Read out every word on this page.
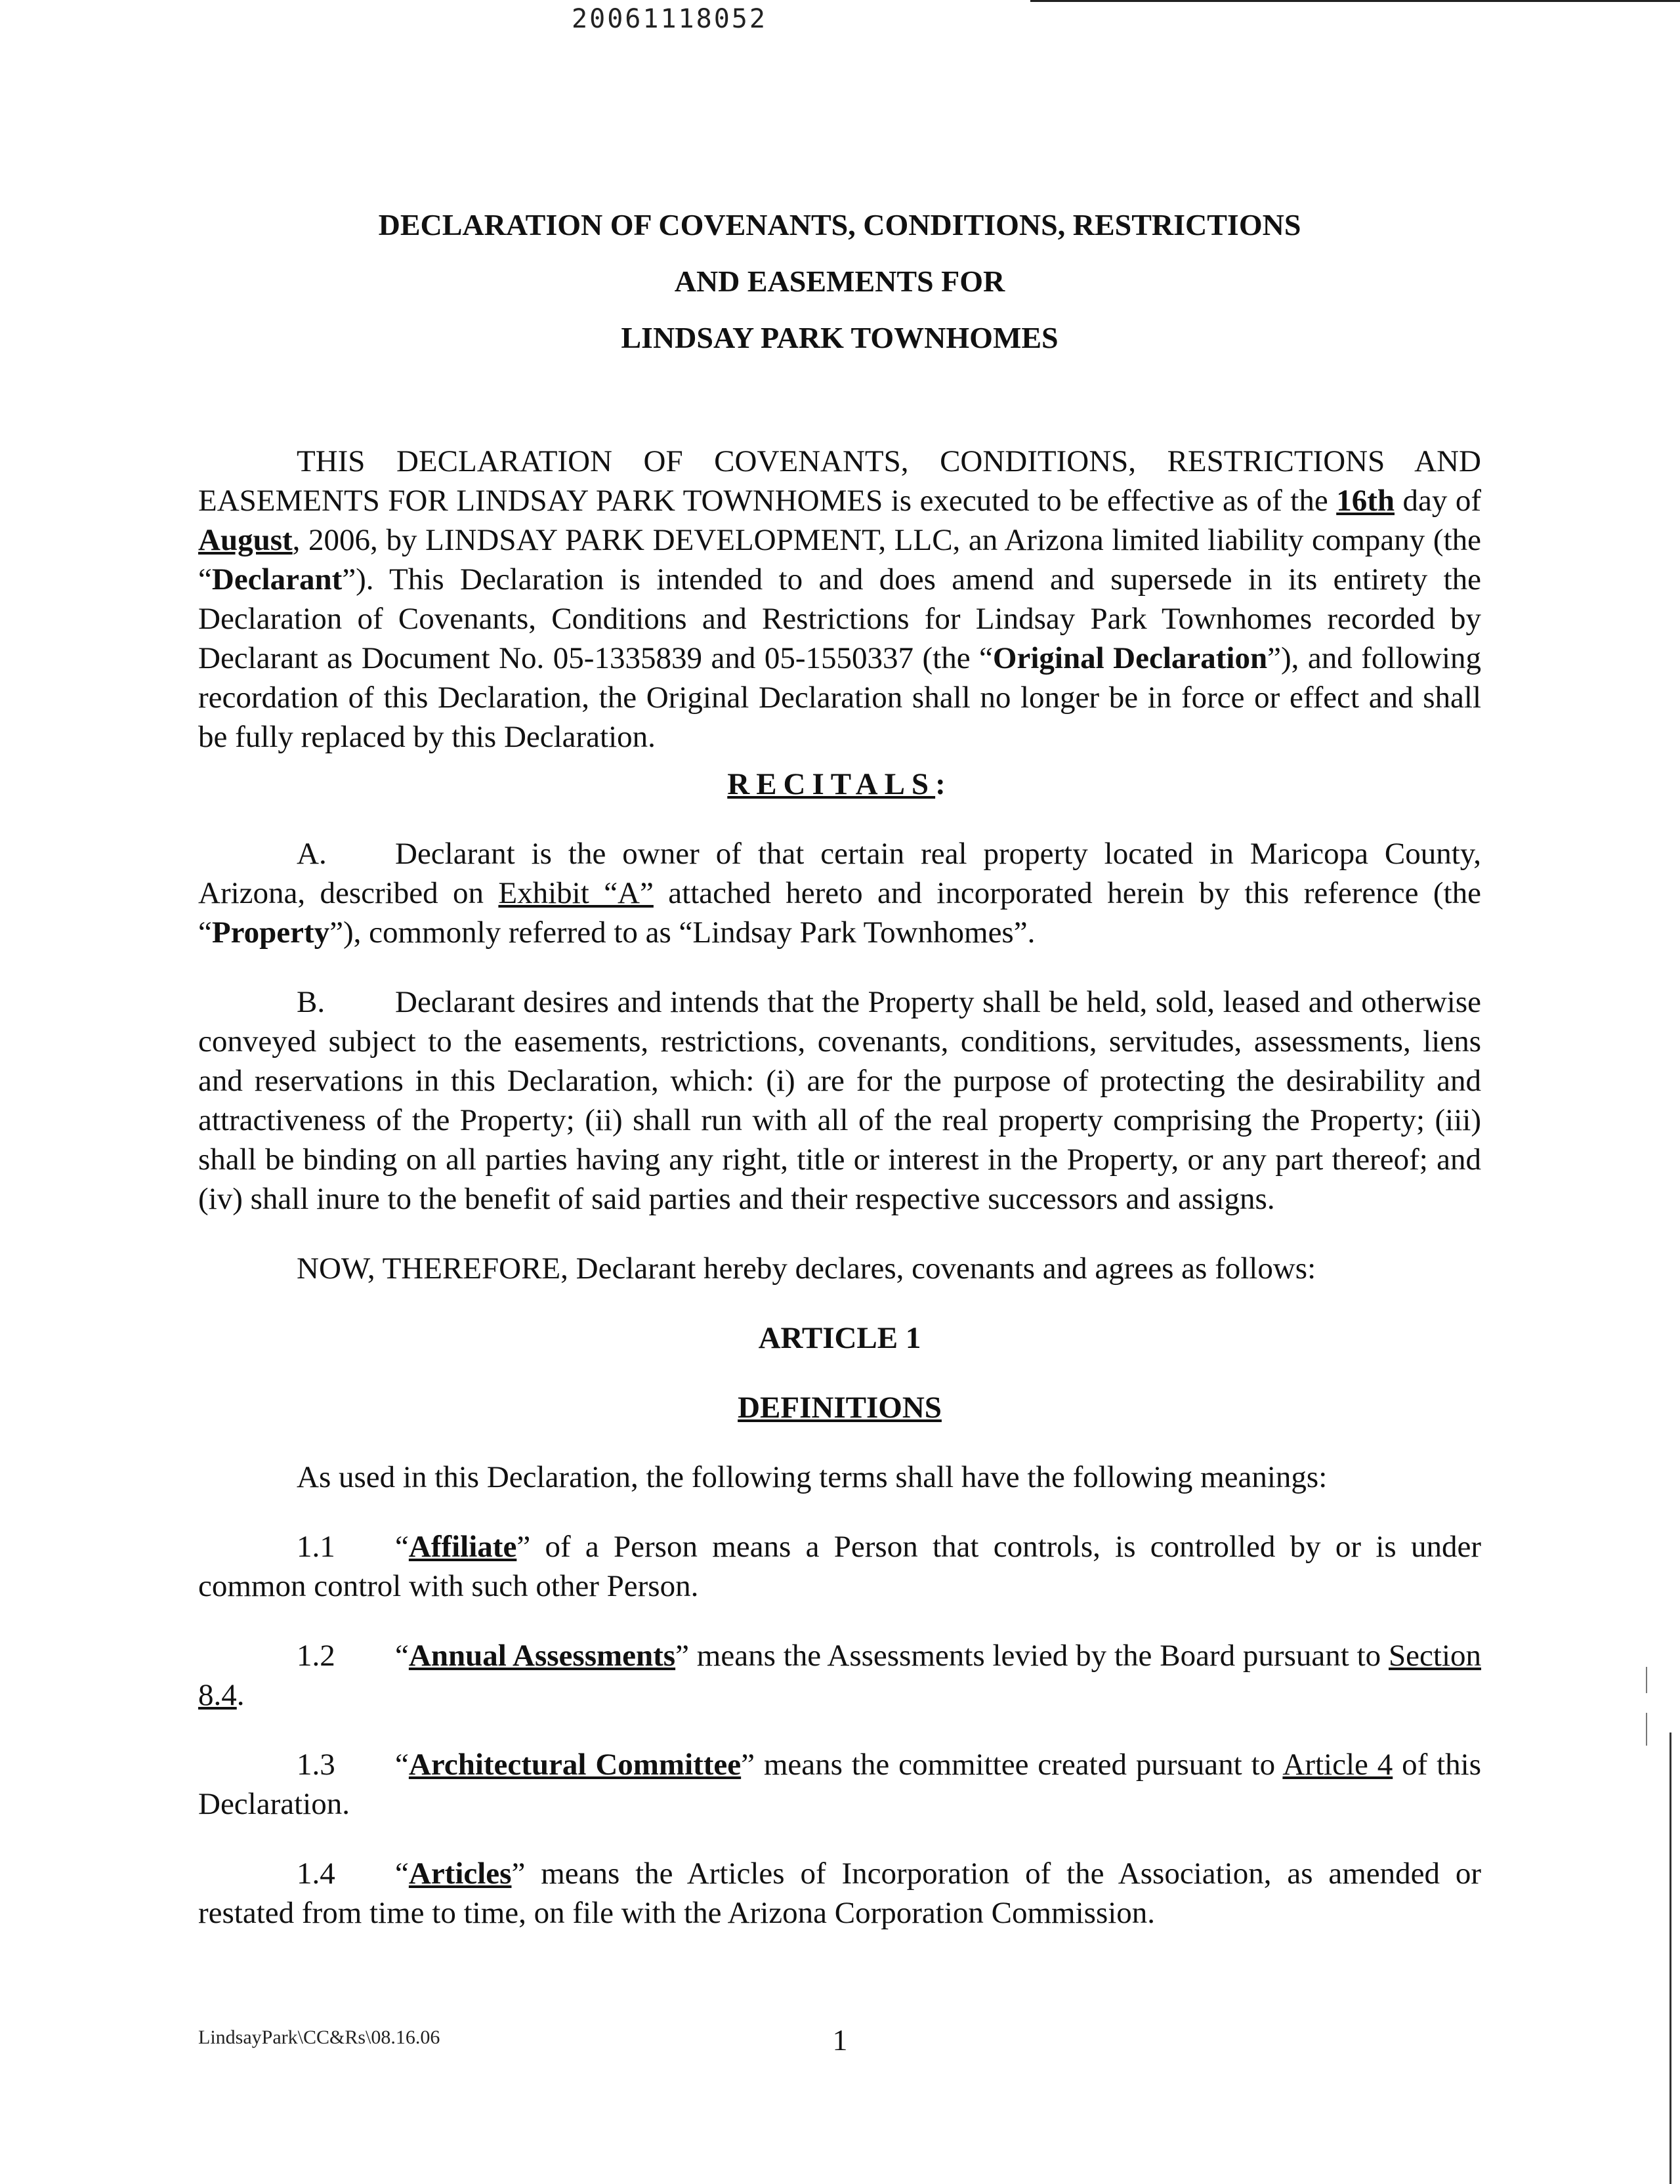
20061118052

DECLARATION OF COVENANTS, CONDITIONS, RESTRICTIONS

AND EASEMENTS FOR

LINDSAY PARK TOWNHOMES

THIS DECLARATION OF COVENANTS, CONDITIONS, RESTRICTIONS AND EASEMENTS FOR LINDSAY PARK TOWNHOMES is executed to be effective as of the 16th day of August, 2006, by LINDSAY PARK DEVELOPMENT, LLC, an Arizona limited liability company (the “Declarant”). This Declaration is intended to and does amend and supersede in its entirety the Declaration of Covenants, Conditions and Restrictions for Lindsay Park Townhomes recorded by Declarant as Document No. 05-1335839 and 05-1550337 (the “Original Declaration”), and following recordation of this Declaration, the Original Declaration shall no longer be in force or effect and shall be fully replaced by this Declaration.

RECITALS:

A. Declarant is the owner of that certain real property located in Maricopa County, Arizona, described on Exhibit “A” attached hereto and incorporated herein by this reference (the “Property”), commonly referred to as “Lindsay Park Townhomes”.

B. Declarant desires and intends that the Property shall be held, sold, leased and otherwise conveyed subject to the easements, restrictions, covenants, conditions, servitudes, assessments, liens and reservations in this Declaration, which: (i) are for the purpose of protecting the desirability and attractiveness of the Property; (ii) shall run with all of the real property comprising the Property; (iii) shall be binding on all parties having any right, title or interest in the Property, or any part thereof; and (iv) shall inure to the benefit of said parties and their respective successors and assigns.

NOW, THEREFORE, Declarant hereby declares, covenants and agrees as follows:

ARTICLE 1

DEFINITIONS

As used in this Declaration, the following terms shall have the following meanings:

1.1 “Affiliate” of a Person means a Person that controls, is controlled by or is under common control with such other Person.

1.2 “Annual Assessments” means the Assessments levied by the Board pursuant to Section 8.4.

1.3 “Architectural Committee” means the committee created pursuant to Article 4 of this Declaration.

1.4 “Articles” means the Articles of Incorporation of the Association, as amended or restated from time to time, on file with the Arizona Corporation Commission.

LindsayPark\CC&Rs\08.16.06	1
